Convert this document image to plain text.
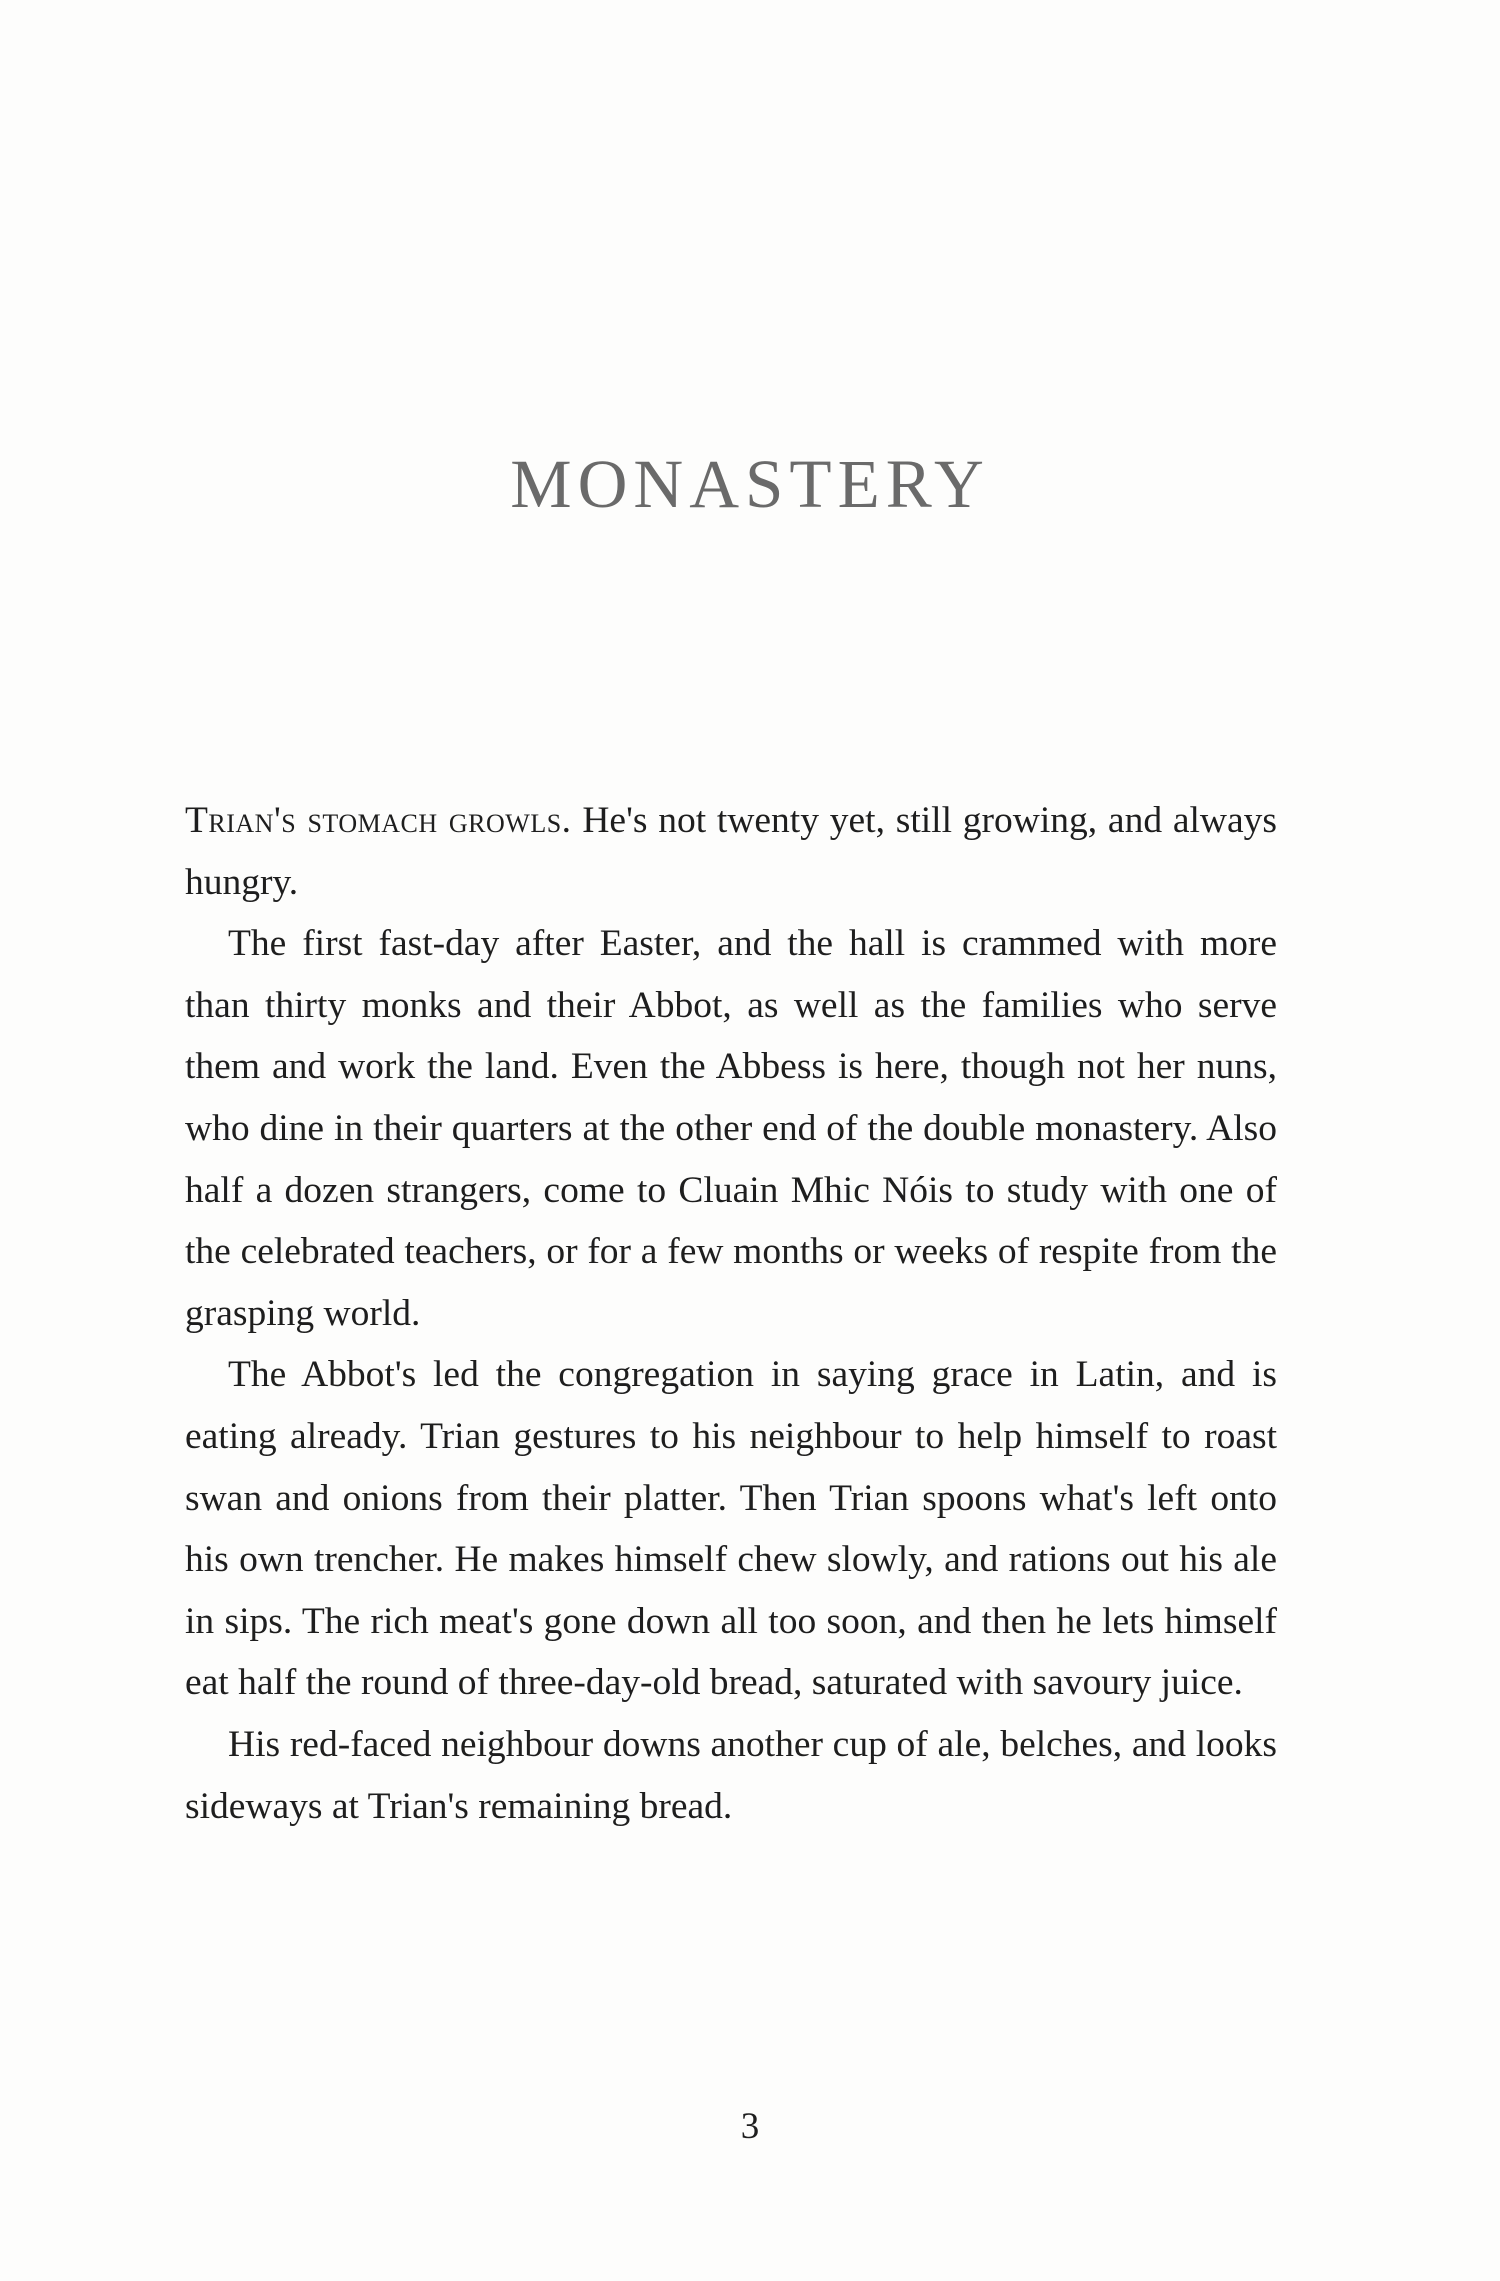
MONASTERY

Trian's stomach growls. He's not twenty yet, still growing, and always hungry.

The first fast-day after Easter, and the hall is crammed with more than thirty monks and their Abbot, as well as the families who serve them and work the land. Even the Abbess is here, though not her nuns, who dine in their quarters at the other end of the double monastery. Also half a dozen strangers, come to Cluain Mhic Nóis to study with one of the celebrated teachers, or for a few months or weeks of respite from the grasping world.

The Abbot's led the congregation in saying grace in Latin, and is eating already. Trian gestures to his neighbour to help himself to roast swan and onions from their platter. Then Trian spoons what's left onto his own trencher. He makes himself chew slowly, and rations out his ale in sips. The rich meat's gone down all too soon, and then he lets himself eat half the round of three-day-old bread, saturated with savoury juice.

His red-faced neighbour downs another cup of ale, belches, and looks sideways at Trian's remaining bread.

3
